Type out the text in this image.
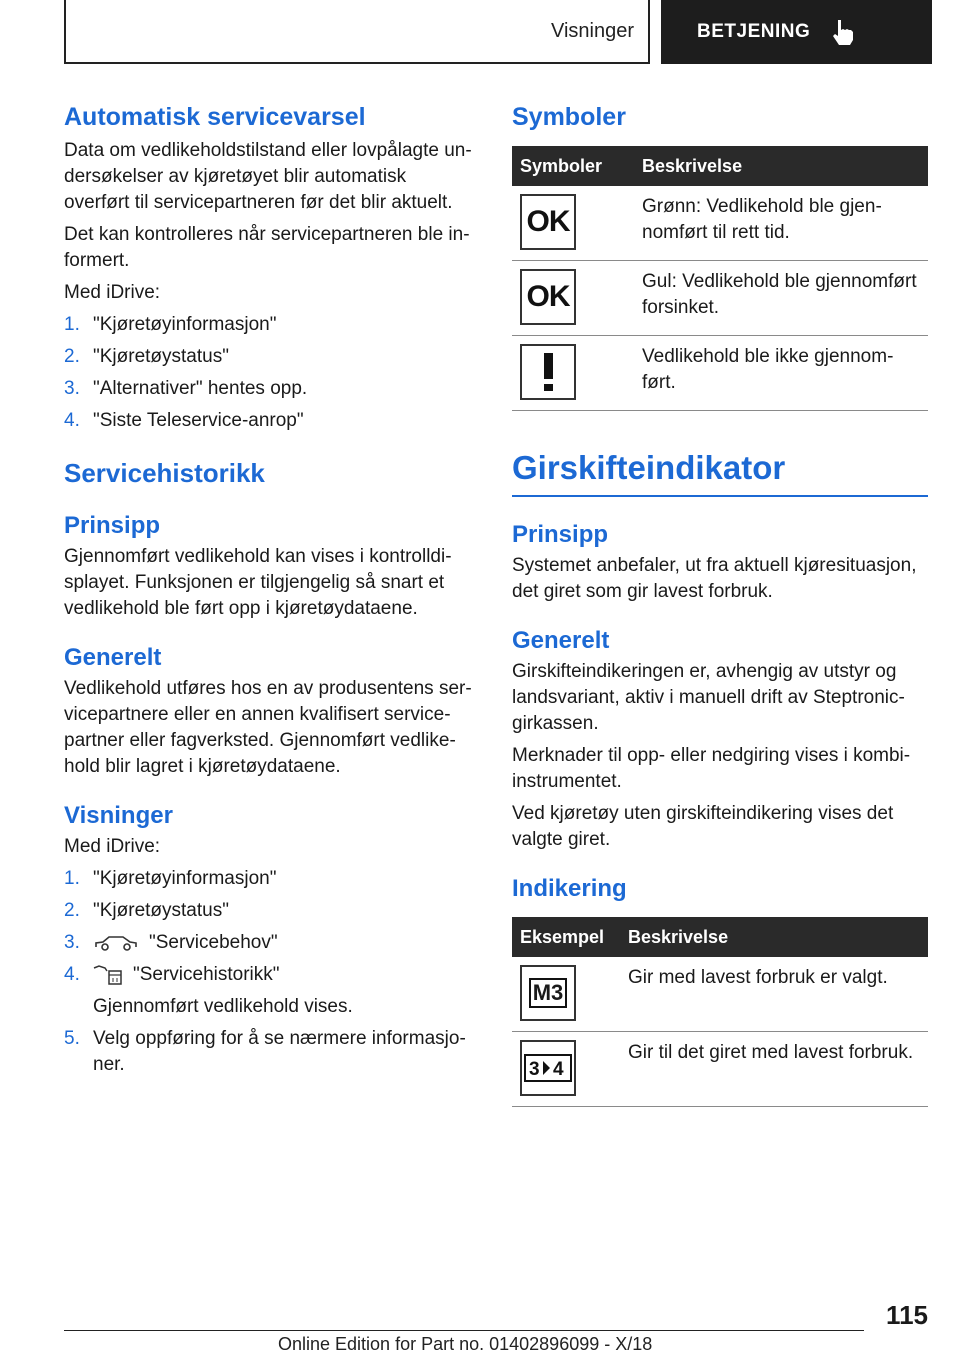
Visninger	BETJENING
Automatisk servicevarsel

Data om vedlikeholdstilstand eller lovpålagte undersøkelser av kjøretøyet blir automatisk overført til servicepartneren før det blir aktuelt.

Det kan kontrolleres når servicepartneren ble informert.

Med iDrive:

1. "Kjøretøyinformasjon"
2. "Kjøretøystatus"
3. "Alternativer" hentes opp.
4. "Siste Teleservice-anrop"
Servicehistorikk
Prinsipp

Gjennomført vedlikehold kan vises i kontrolldisplayet. Funksjonen er tilgjengelig så snart et vedlikehold ble ført opp i kjøretøydataene.

Generelt

Vedlikehold utføres hos en av produsentens servicepartnere eller en annen kvalifisert servicepartner eller fagverksted. Gjennomført vedlikehold blir lagret i kjøretøydataene.

Visninger

Med iDrive:

1. "Kjøretøyinformasjon"
2. "Kjøretøystatus"
3.	"Servicebehov"
4.	"Servicehistorikk"
Gjennomført vedlikehold vises.
5. Velg oppføring for å se nærmere informasjoner.
Symboler
Symboler	Beskrivelse

OK	Grønn: Vedlikehold ble gjennomført til rett tid.

OK	Gul: Vedlikehold ble gjennomført forsinket.

	Vedlikehold ble ikke gjennomført.
Girskifteindikator
Prinsipp

Systemet anbefaler, ut fra aktuell kjøresituasjon, det giret som gir lavest forbruk.

Generelt

Girskifteindikeringen er, avhengig av utstyr og landsvariant, aktiv i manuell drift av Steptronic-girkassen.

Merknader til opp- eller nedgiring vises i kombiinstrumentet.

Ved kjøretøy uten girskifteindikering vises det valgte giret.

Indikering
Eksempel	Beskrivelse

M3	Gir med lavest forbruk er valgt.

3 4	Gir til det giret med lavest forbruk.
115
Online Edition for Part no. 01402896099 - X/18
